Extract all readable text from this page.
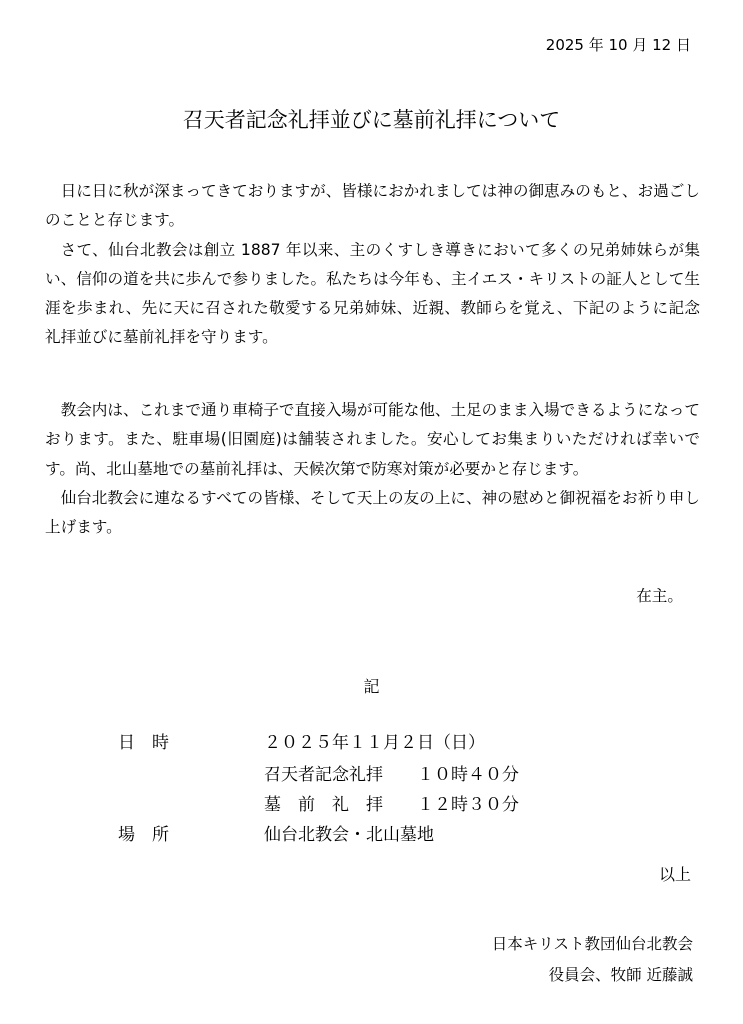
2025 年 10 月 12 日
召天者記念礼拝並びに墓前礼拝について

日に日に秋が深まってきておりますが、皆様におかれましては神の御恵みのもと、お過ごしのことと存じます。

さて、仙台北教会は創立 1887 年以来、主のくすしき導きにおいて多くの兄弟姉妹らが集い、信仰の道を共に歩んで参りました。私たちは今年も、主イエス・キリストの証人として生涯を歩まれ、先に天に召された敬愛する兄弟姉妹、近親、教師らを覚え、下記のように記念礼拝並びに墓前礼拝を守ります。

教会内は、これまで通り車椅子で直接入場が可能な他、土足のまま入場できるようになっております。また、駐車場(旧園庭)は舗装されました。安心してお集まりいただければ幸いです。尚、北山墓地での墓前礼拝は、天候次第で防寒対策が必要かと存じます。

仙台北教会に連なるすべての皆様、そして天上の友の上に、神の慰めと御祝福をお祈り申し上げます。

在主。
記
日　時	２０２５年１１月２日（日）
召天者記念礼拝　　１０時４０分
墓　前　礼　拝　　１２時３０分
場　所	仙台北教会・北山墓地
以上
日本キリスト教団仙台北教会
役員会、牧師 近藤誠
